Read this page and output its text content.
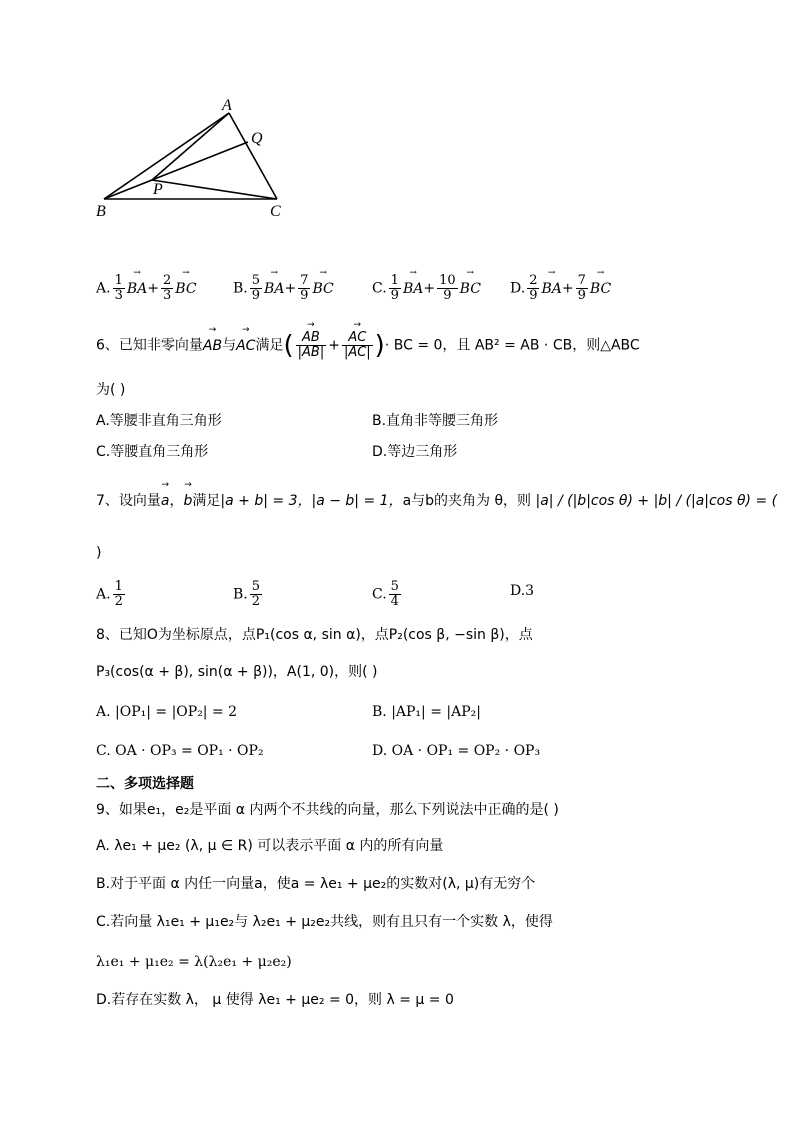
A
Q
P
B	C
A. $\frac{1}{3}$
→ $BA+ \frac{2}{3}$
→ BC	B. $\frac{5}{9}$
→ $BA+ \frac{7}{9}$
→ BC	C. $\frac{1}{9}$
→ $BA+ \frac{10}{9}$
→ BC D. $\frac{2}{9}$
→ $BA+ \frac{7}{9}$
→ BC
6、已知非零向量→ AB与→ AC满足(
→ $\frac{AB}{|AB|}$ +
→ $\frac{AC}{|AC|}$ )· BC = 0，且 AB² = AB · CB，则△ABC
为( )
A.等腰非直角三角形	B.直角非等腰三角形
C.等腰直角三角形	D.等边三角形
7、设向量→ a，→ b满足|a + b| = 3，|a − b| = 1，a与b的夹角为 θ，则 |a| / (|b|cos θ) + |b| / (|a|cos θ) = (
)
A. $\frac{1}{2}$	B. $\frac{5}{2}$	C. $\frac{5}{4}$	D.3
8、已知O为坐标原点，点P₁(cos α, sin α)，点P₂(cos β, −sin β)，点
P₃(cos(α + β), sin(α + β))，A(1, 0)，则( )
A. |OP₁| = |OP₂| = 2	B. |AP₁| = |AP₂|
C. OA · OP₃ = OP₁ · OP₂	D. OA · OP₁ = OP₂ · OP₃
二、多项选择题
9、如果e₁，e₂是平面 α 内两个不共线的向量，那么下列说法中正确的是( )
A. λe₁ + μe₂ (λ, μ ∈ R) 可以表示平面 α 内的所有向量
B.对于平面 α 内任一向量a，使a = λe₁ + μe₂的实数对(λ, μ)有无穷个
C.若向量 λ₁e₁ + μ₁e₂与 λ₂e₁ + μ₂e₂共线，则有且只有一个实数 λ，使得
λ₁e₁ + μ₁e₂ = λ(λ₂e₁ + μ₂e₂)
D.若存在实数 λ， μ 使得 λe₁ + μe₂ = 0，则 λ = μ = 0
